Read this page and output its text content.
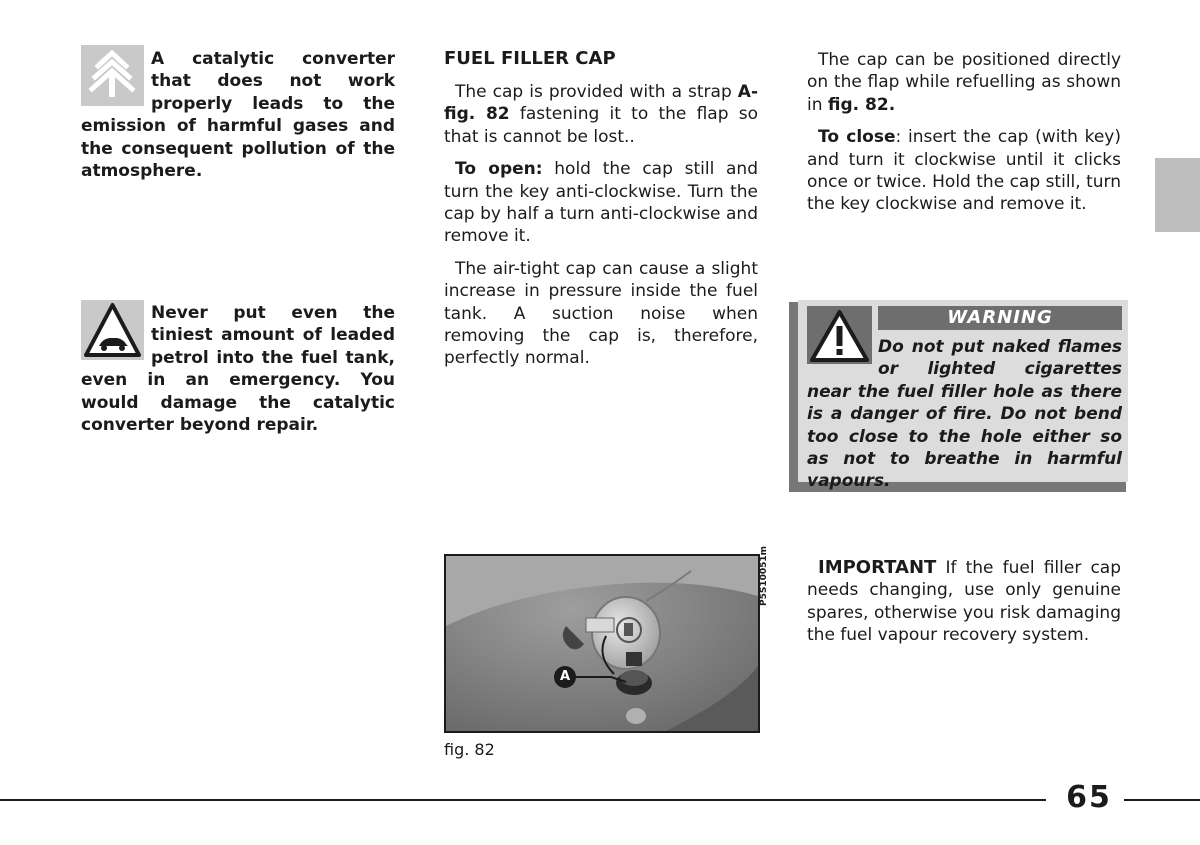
A catalytic converter that does not work properly leads to the emission of harmful gases and the consequent pollution of the atmosphere.
Never put even the tiniest amount of leaded petrol into the fuel tank, even in an emergency. You would damage the catalytic converter beyond repair.
FUEL FILLER CAP

The cap is provided with a strap A-fig. 82 fastening it to the flap so that is cannot be lost..

To open: hold the cap still and turn the key anti-clockwise. Turn the cap by half a turn anti-clockwise and remove it.

The air-tight cap can cause a slight increase in pressure inside the fuel tank. A suction noise when removing the cap is, therefore, perfectly normal.

A
P5S10051m
fig. 82

The cap can be positioned directly on the flap while refuelling as shown in fig. 82.

To close: insert the cap (with key) and turn it clockwise until it clicks once or twice. Hold the cap still, turn the key clockwise and remove it.

WARNING
Do not put naked flames or lighted cigarettes near the fuel filler hole as there is a danger of fire. Do not bend too close to the hole either so as not to breathe in harmful vapours.

IMPORTANT If the fuel filler cap needs changing, use only genuine spares, otherwise you risk damaging the fuel vapour recovery system.

65
